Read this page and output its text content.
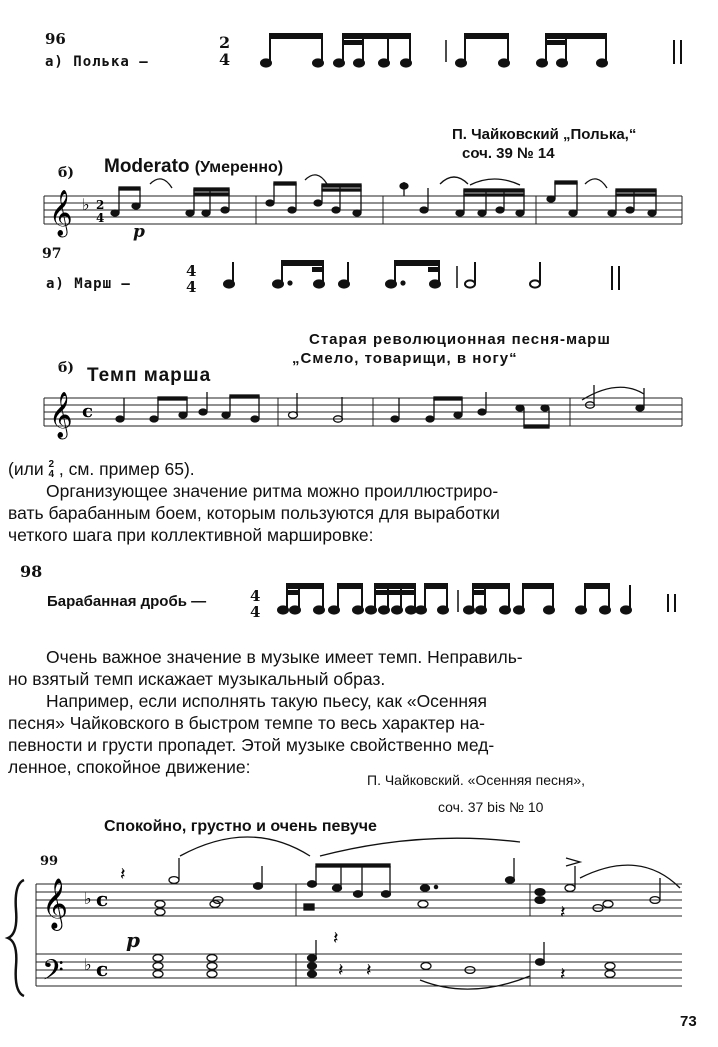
96
а) Полька –
2
4
П. Чайковский „Полька,“
соч. 39 № 14
б) Moderato (Умеренно)
p
𝄞 ♭ 2
4
97
а) Марш –
4
4
Старая революционная песня-марш
„Смело, товарищи, в ногу“
б) Темп марша
𝄞 c
(или 2
4 , см. пример 65).
Организующее значение ритма можно проиллюстриро-
вать барабанным боем, которым пользуются для выработки
четкого шага при коллективной маршировке:
98
Барабанная дробь —	4
4
Очень важное значение в музыке имеет темп. Неправиль-
но взятый темп искажает музыкальный образ.
Например, если исполнять такую пьесу, как «Осенняя
песня» Чайковского в быстром темпе то весь характер на-
певности и грусти пропадет. Этой музыке свойственно мед-
ленное, спокойное движение:
П. Чайковский. «Осенняя песня»,
соч. 37 bis № 10
Спокойно, грустно и очень певуче
99
p
𝄞
𝄢
♭
♭
c
c
𝄽
𝄽
𝄽
𝄽
𝄽
𝄽
73
